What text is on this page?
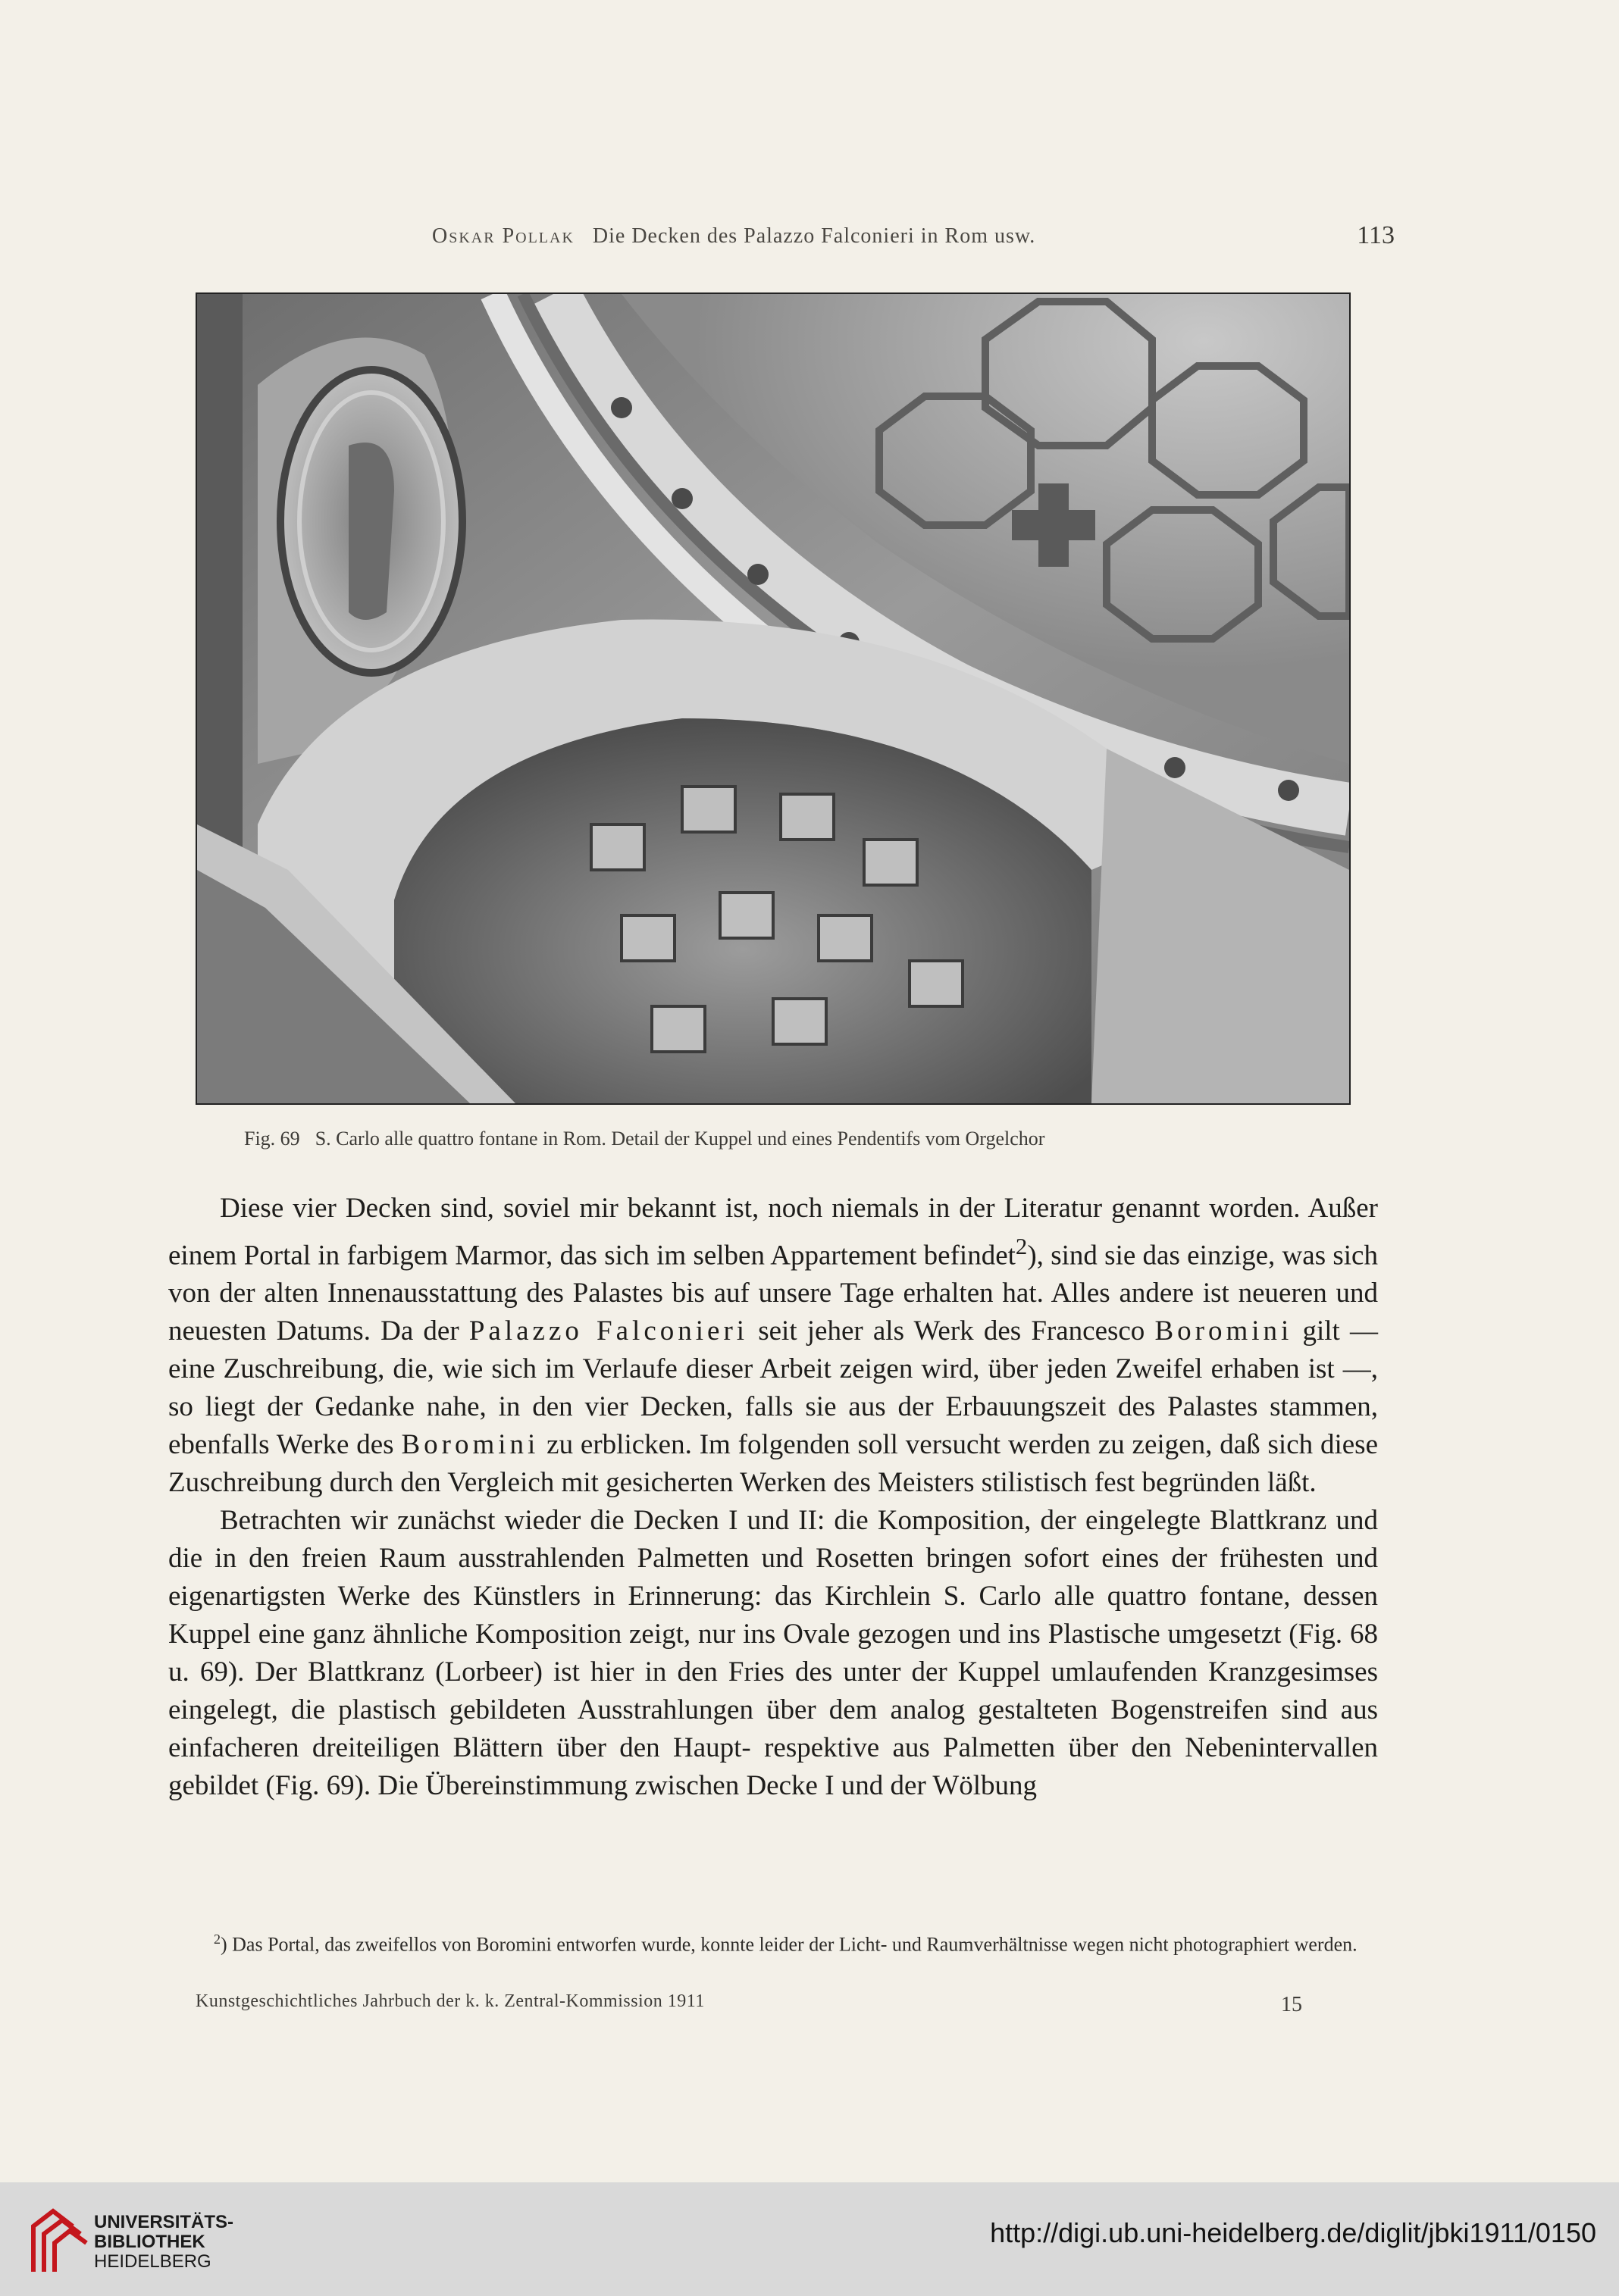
Oskar Pollak Die Decken des Palazzo Falconieri in Rom usw.	113
Fig. 69 S. Carlo alle quattro fontane in Rom. Detail der Kuppel und eines Pendentifs vom Orgelchor

Diese vier Decken sind, soviel mir bekannt ist, noch niemals in der Literatur genannt worden. Außer einem Portal in farbigem Marmor, das sich im selben Appartement befindet$^2$), sind sie das einzige, was sich von der alten Innenausstattung des Palastes bis auf unsere Tage erhalten hat. Alles andere ist neueren und neuesten Datums. Da der Palazzo Falconieri seit jeher als Werk des Francesco Boromini gilt — eine Zuschreibung, die, wie sich im Verlaufe dieser Arbeit zeigen wird, über jeden Zweifel erhaben ist —, so liegt der Gedanke nahe, in den vier Decken, falls sie aus der Erbauungszeit des Palastes stammen, ebenfalls Werke des Boromini zu erblicken. Im folgenden soll versucht werden zu zeigen, daß sich diese Zuschreibung durch den Vergleich mit gesicherten Werken des Meisters stilistisch fest begründen läßt.

Betrachten wir zunächst wieder die Decken I und II: die Komposition, der eingelegte Blattkranz und die in den freien Raum ausstrahlenden Palmetten und Rosetten bringen sofort eines der frühesten und eigenartigsten Werke des Künstlers in Erinnerung: das Kirchlein S. Carlo alle quattro fontane, dessen Kuppel eine ganz ähnliche Komposition zeigt, nur ins Ovale gezogen und ins Plastische umgesetzt (Fig. 68 u. 69). Der Blattkranz (Lorbeer) ist hier in den Fries des unter der Kuppel umlaufenden Kranzgesimses eingelegt, die plastisch gebildeten Ausstrahlungen über dem analog gestalteten Bogenstreifen sind aus einfacheren dreiteiligen Blättern über den Haupt- respektive aus Palmetten über den Nebenintervallen gebildet (Fig. 69). Die Übereinstimmung zwischen Decke I und der Wölbung

$^2$) Das Portal, das zweifellos von Boromini entworfen wurde, konnte leider der Licht- und Raumverhältnisse wegen nicht photographiert werden.
Kunstgeschichtliches Jahrbuch der k. k. Zentral-Kommission 1911	15
UNIVERSITÄTS-
BIBLIOTHEK
HEIDELBERG
http://digi.ub.uni-heidelberg.de/diglit/jbki1911/0150
